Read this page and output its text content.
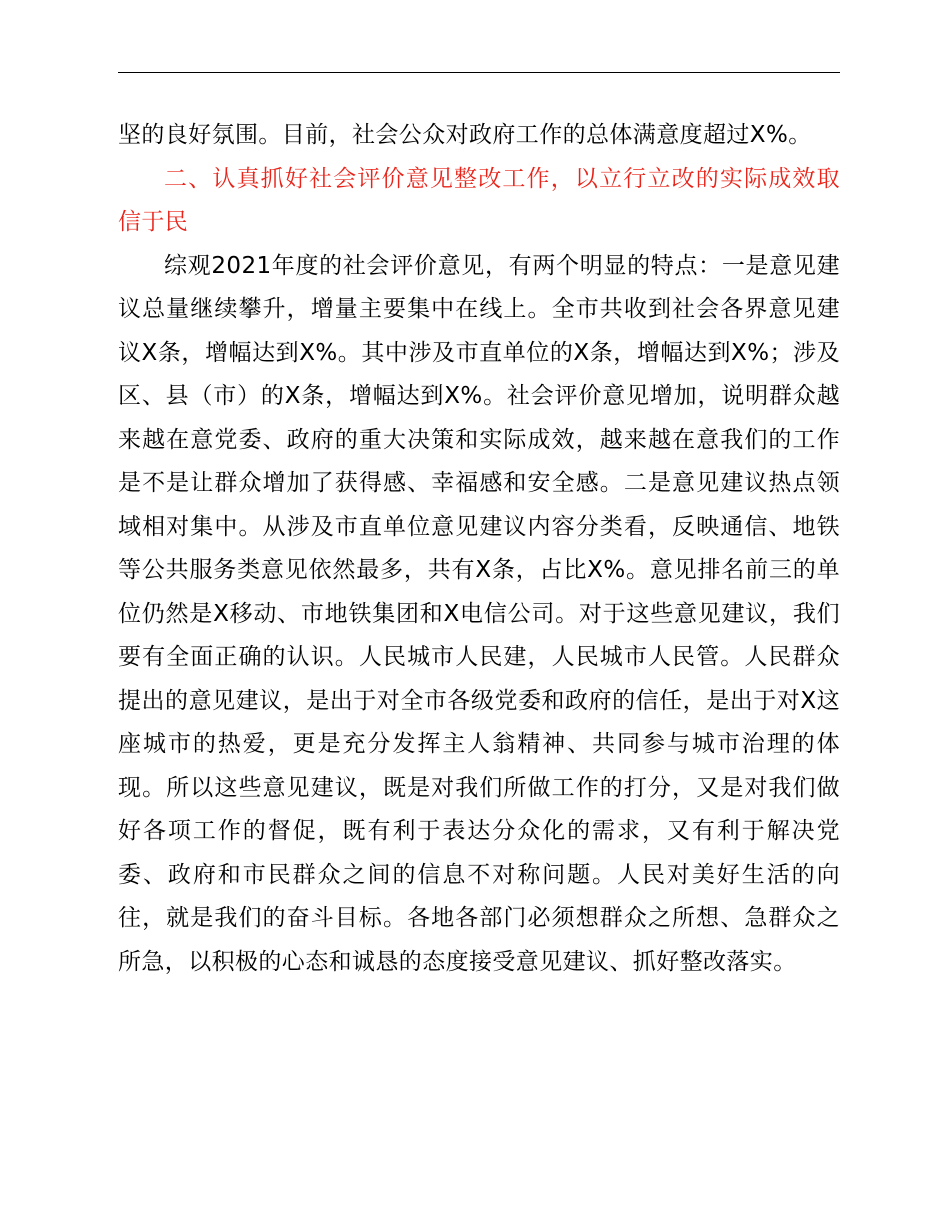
坚的良好氛围。目前，社会公众对政府工作的总体满意度超过X%。

二、认真抓好社会评价意见整改工作，以立行立改的实际成效取信于民

综观2021年度的社会评价意见，有两个明显的特点：一是意见建议总量继续攀升，增量主要集中在线上。全市共收到社会各界意见建议X条，增幅达到X%。其中涉及市直单位的X条，增幅达到X%；涉及区、县（市）的X条，增幅达到X%。社会评价意见增加，说明群众越来越在意党委、政府的重大决策和实际成效，越来越在意我们的工作是不是让群众增加了获得感、幸福感和安全感。二是意见建议热点领域相对集中。从涉及市直单位意见建议内容分类看，反映通信、地铁等公共服务类意见依然最多，共有X条，占比X%。意见排名前三的单位仍然是X移动、市地铁集团和X电信公司。对于这些意见建议，我们要有全面正确的认识。人民城市人民建，人民城市人民管。人民群众提出的意见建议，是出于对全市各级党委和政府的信任，是出于对X这座城市的热爱，更是充分发挥主人翁精神、共同参与城市治理的体现。所以这些意见建议，既是对我们所做工作的打分，又是对我们做好各项工作的督促，既有利于表达分众化的需求，又有利于解决党委、政府和市民群众之间的信息不对称问题。人民对美好生活的向往，就是我们的奋斗目标。各地各部门必须想群众之所想、急群众之所急，以积极的心态和诚恳的态度接受意见建议、抓好整改落实。
